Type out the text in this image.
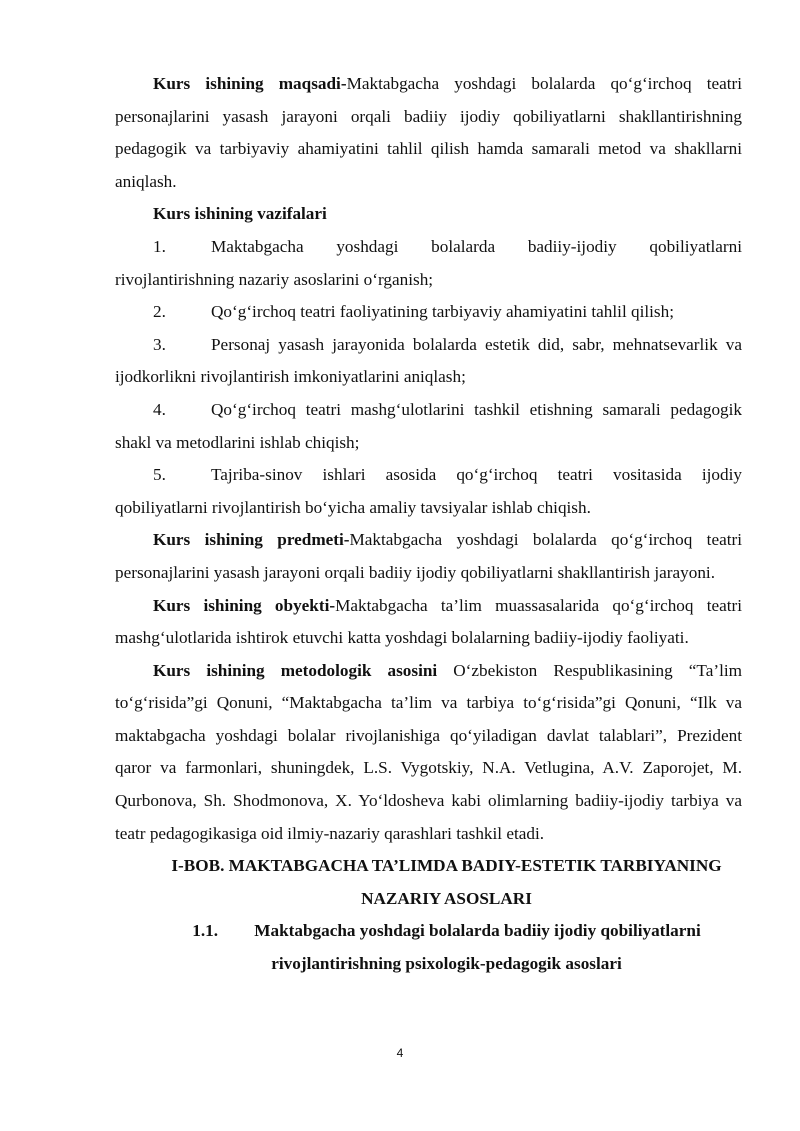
Kurs ishining maqsadi-Maktabgacha yoshdagi bolalarda qo‘g‘irchoq teatri personajlarini yasash jarayoni orqali badiiy ijodiy qobiliyatlarni shakllantirishning pedagogik va tarbiyaviy ahamiyatini tahlil qilish hamda samarali metod va shakllarni aniqlash.

Kurs ishining vazifalari

1.	Maktabgacha yoshdagi bolalarda badiiy-ijodiy qobiliyatlarni rivojlantirishning nazariy asoslarini o‘rganish;
2.	Qo‘g‘irchoq teatri faoliyatining tarbiyaviy ahamiyatini tahlil qilish;
3.	Personaj yasash jarayonida bolalarda estetik did, sabr, mehnatsevarlik va ijodkorlikni rivojlantirish imkoniyatlarini aniqlash;
4.	Qo‘g‘irchoq teatri mashg‘ulotlarini tashkil etishning samarali pedagogik shakl va metodlarini ishlab chiqish;
5.	Tajriba-sinov ishlari asosida qo‘g‘irchoq teatri vositasida ijodiy qobiliyatlarni rivojlantirish bo‘yicha amaliy tavsiyalar ishlab chiqish.

Kurs ishining predmeti-Maktabgacha yoshdagi bolalarda qo‘g‘irchoq teatri personajlarini yasash jarayoni orqali badiiy ijodiy qobiliyatlarni shakllantirish jarayoni.

Kurs ishining obyekti-Maktabgacha ta’lim muassasalarida qo‘g‘irchoq teatri mashg‘ulotlarida ishtirok etuvchi katta yoshdagi bolalarning badiiy-ijodiy faoliyati.

Kurs ishining metodologik asosini O‘zbekiston Respublikasining “Ta’lim to‘g‘risida”gi Qonuni, “Maktabgacha ta’lim va tarbiya to‘g‘risida”gi Qonuni, “Ilk va maktabgacha yoshdagi bolalar rivojlanishiga qo‘yiladigan davlat talablari”, Prezident qaror va farmonlari, shuningdek, L.S. Vygotskiy, N.A. Vetlugina, A.V. Zaporojet, M. Qurbonova, Sh. Shodmonova, X. Yo‘ldosheva kabi olimlarning badiiy-ijodiy tarbiya va teatr pedagogikasiga oid ilmiy-nazariy qarashlari tashkil etadi.

I-BOB. MAKTABGACHA TA’LIMDA BADIY-ESTETIK TARBIYANING NAZARIY ASOSLARI

1.1. Maktabgacha yoshdagi bolalarda badiiy ijodiy qobiliyatlarni rivojlantirishning psixologik-pedagogik asoslari

4
